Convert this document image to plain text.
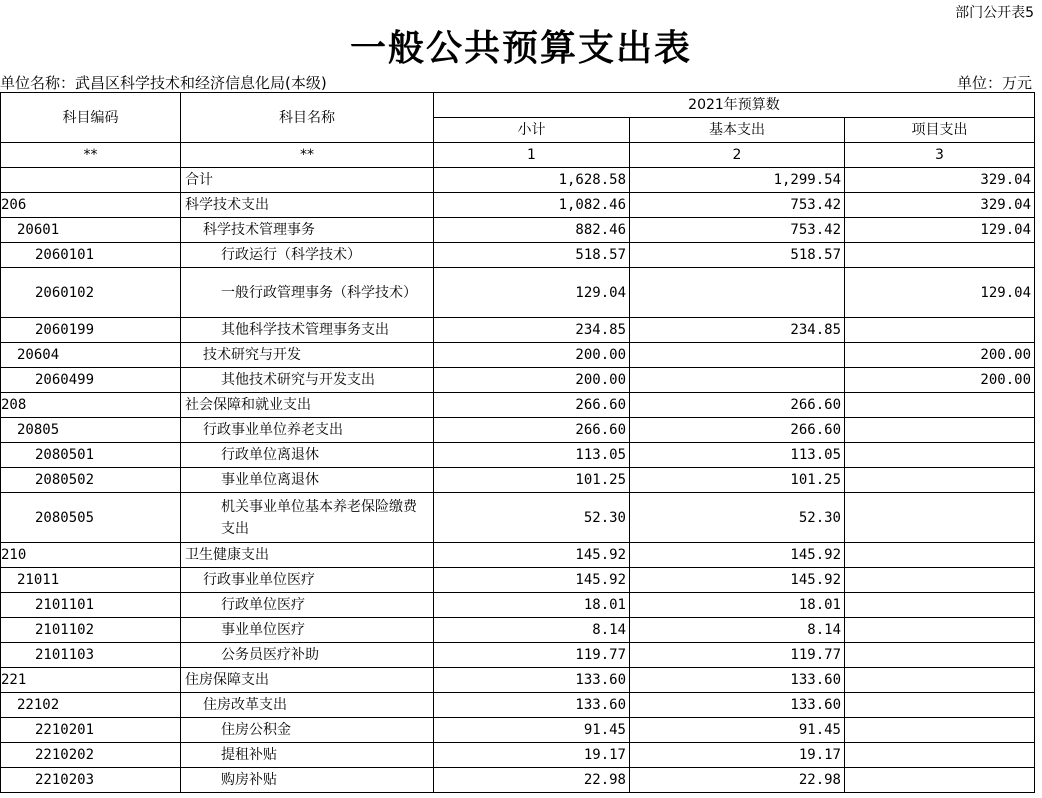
部门公开表5
一般公共预算支出表
单位名称：武昌区科学技术和经济信息化局(本级)	单位：万元
科目编码	科目名称	2021年预算数		
		小计	基本支出	项目支出
**	**	1	2	3
	合计	1,628.58	1,299.54	329.04
206	科学技术支出	1,082.46	753.42	329.04
20601	科学技术管理事务	882.46	753.42	129.04
2060101	行政运行（科学技术）	518.57	518.57	
2060102	一般行政管理事务（科学技术）	129.04		129.04
2060199	其他科学技术管理事务支出	234.85	234.85	
20604	技术研究与开发	200.00		200.00
2060499	其他技术研究与开发支出	200.00		200.00
208	社会保障和就业支出	266.60	266.60	
20805	行政事业单位养老支出	266.60	266.60	
2080501	行政单位离退休	113.05	113.05	
2080502	事业单位离退休	101.25	101.25	
2080505	机关事业单位基本养老保险缴费支出	52.30	52.30	
210	卫生健康支出	145.92	145.92	
21011	行政事业单位医疗	145.92	145.92	
2101101	行政单位医疗	18.01	18.01	
2101102	事业单位医疗	8.14	8.14	
2101103	公务员医疗补助	119.77	119.77	
221	住房保障支出	133.60	133.60	
22102	住房改革支出	133.60	133.60	
2210201	住房公积金	91.45	91.45	
2210202	提租补贴	19.17	19.17	
2210203	购房补贴	22.98	22.98	
